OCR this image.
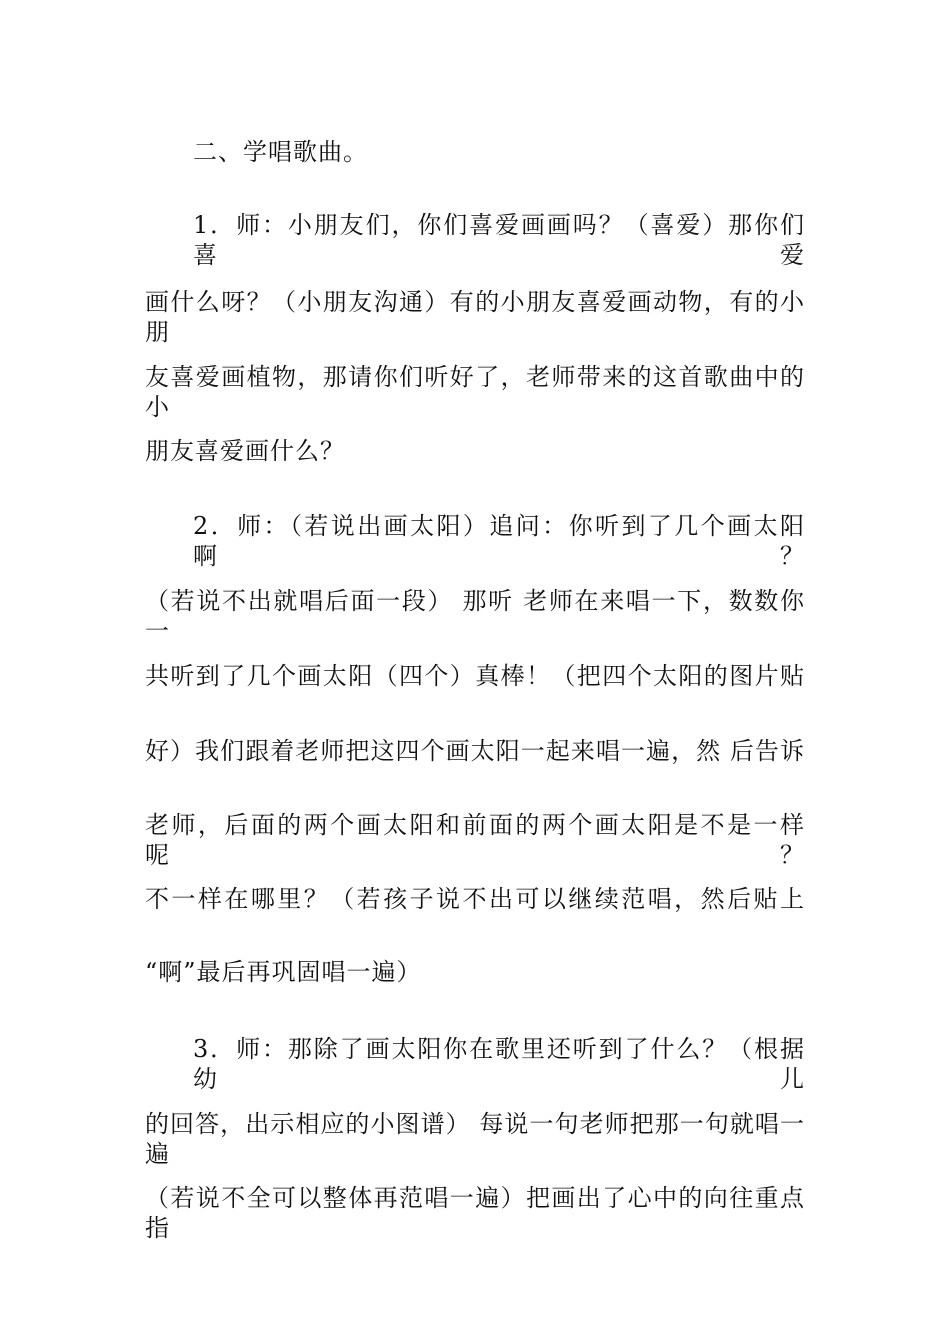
二、学唱歌曲。
1．师：小朋友们，你们喜爱画画吗？（喜爱）那你们喜爱
画什么呀？（小朋友沟通）有的小朋友喜爱画动物，有的小朋
友喜爱画植物，那请你们听好了，老师带来的这首歌曲中的小
朋友喜爱画什么？
2．师：（若说出画太阳）追问：你听到了几个画太阳啊？
（若说不出就唱后面一段） 那听 老师在来唱一下，数数你一
共听到了几个画太阳（四个）真棒！（把四个太阳的图片贴
好）我们跟着老师把这四个画太阳一起来唱一遍，然 后告诉
老师，后面的两个画太阳和前面的两个画太阳是不是一样呢？
不一样在哪里？（若孩子说不出可以继续范唱，然后贴上
“啊”最后再巩固唱一遍）
3．师：那除了画太阳你在歌里还听到了什么？（根据幼儿
的回答，出示相应的小图谱） 每说一句老师把那一句就唱一遍
（若说不全可以整体再范唱一遍）把画出了心中的向往重点指
